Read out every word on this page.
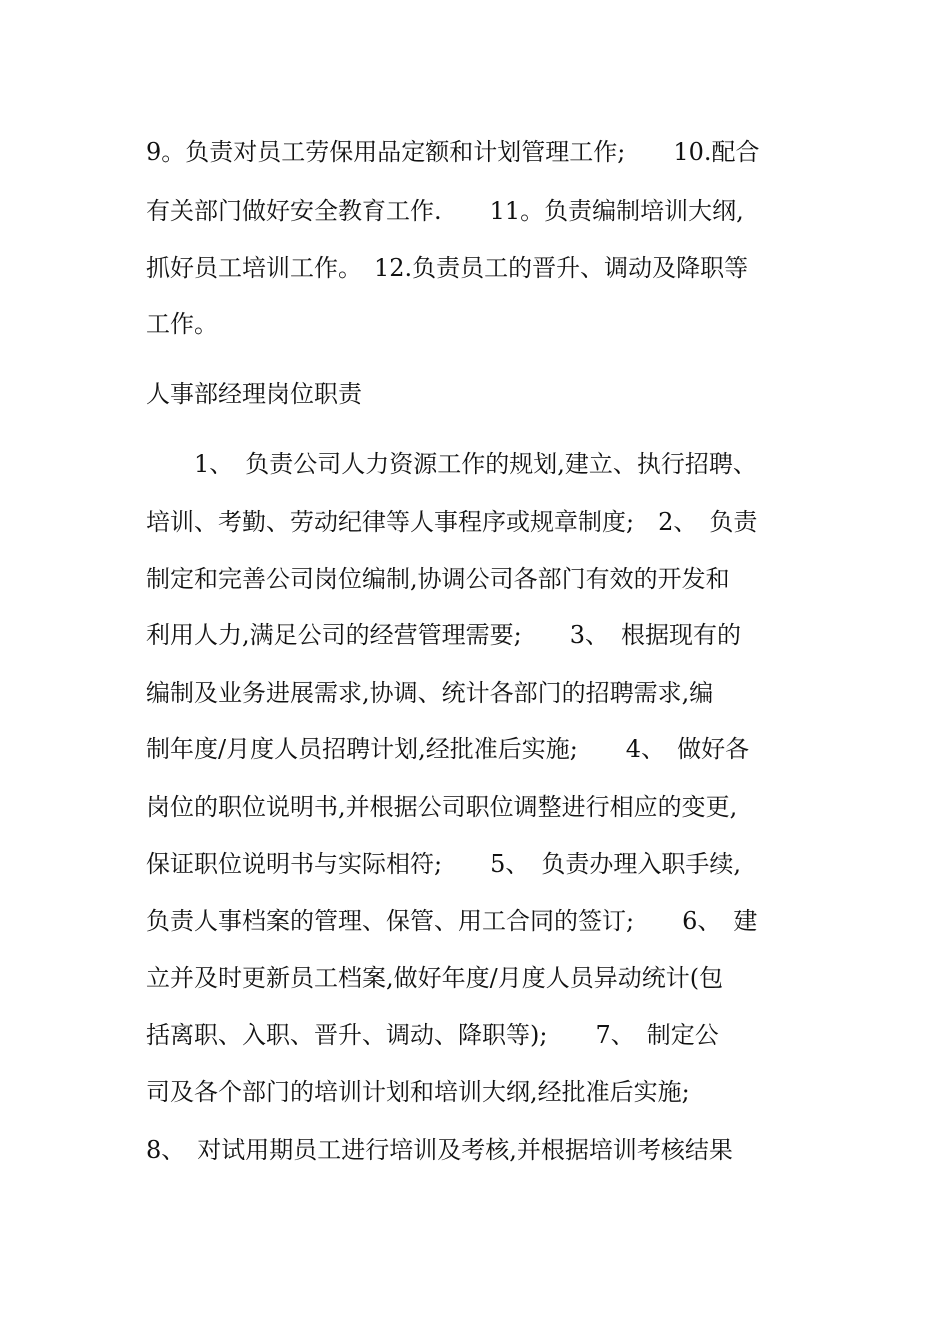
9。负责对员工劳保用品定额和计划管理工作;　　10.配合
有关部门做好安全教育工作.　　11。负责编制培训大纲,
抓好员工培训工作。　12.负责员工的晋升、调动及降职等
工作。
人事部经理岗位职责
　　1、　负责公司人力资源工作的规划,建立、执行招聘、
培训、考勤、劳动纪律等人事程序或规章制度;　2、　负责
制定和完善公司岗位编制,协调公司各部门有效的开发和
利用人力,满足公司的经营管理需要;　　3、　根据现有的
编制及业务进展需求,协调、统计各部门的招聘需求,编
制年度/月度人员招聘计划,经批准后实施;　　4、　做好各
岗位的职位说明书,并根据公司职位调整进行相应的变更,
保证职位说明书与实际相符;　　5、　负责办理入职手续,
负责人事档案的管理、保管、用工合同的签订;　　6、　建
立并及时更新员工档案,做好年度/月度人员异动统计(包
括离职、入职、晋升、调动、降职等);　　7、　制定公
司及各个部门的培训计划和培训大纲,经批准后实施;
8、　对试用期员工进行培训及考核,并根据培训考核结果
